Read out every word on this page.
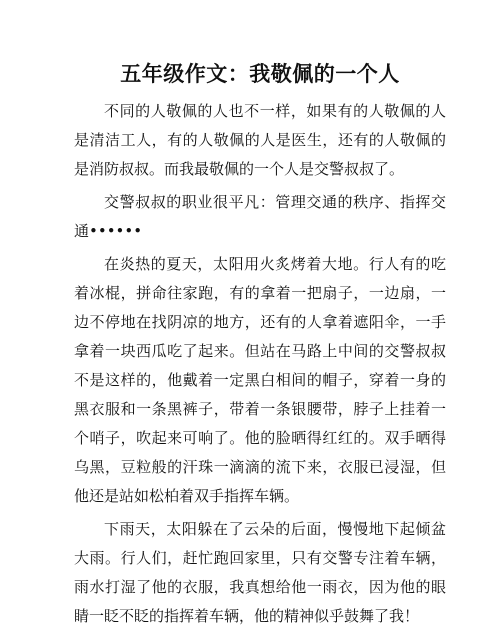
五年级作文：我敬佩的一个人

不同的人敬佩的人也不一样，如果有的人敬佩的人是清洁工人，有的人敬佩的人是医生，还有的人敬佩的是消防叔叔。而我最敬佩的一个人是交警叔叔了。

交警叔叔的职业很平凡：管理交通的秩序、指挥交通••••••

在炎热的夏天，太阳用火炙烤着大地。行人有的吃着冰棍，拼命往家跑，有的拿着一把扇子，一边扇，一边不停地在找阴凉的地方，还有的人拿着遮阳伞，一手拿着一块西瓜吃了起来。但站在马路上中间的交警叔叔不是这样的，他戴着一定黑白相间的帽子，穿着一身的黑衣服和一条黑裤子，带着一条银腰带，脖子上挂着一个哨子，吹起来可响了。他的脸晒得红红的。双手晒得乌黑，豆粒般的汗珠一滴滴的流下来，衣服已浸湿，但他还是站如松柏着双手指挥车辆。

下雨天，太阳躲在了云朵的后面，慢慢地下起倾盆大雨。行人们，赶忙跑回家里，只有交警专注着车辆，雨水打湿了他的衣服，我真想给他一雨衣，因为他的眼睛一眨不眨的指挥着车辆，他的精神似乎鼓舞了我！
